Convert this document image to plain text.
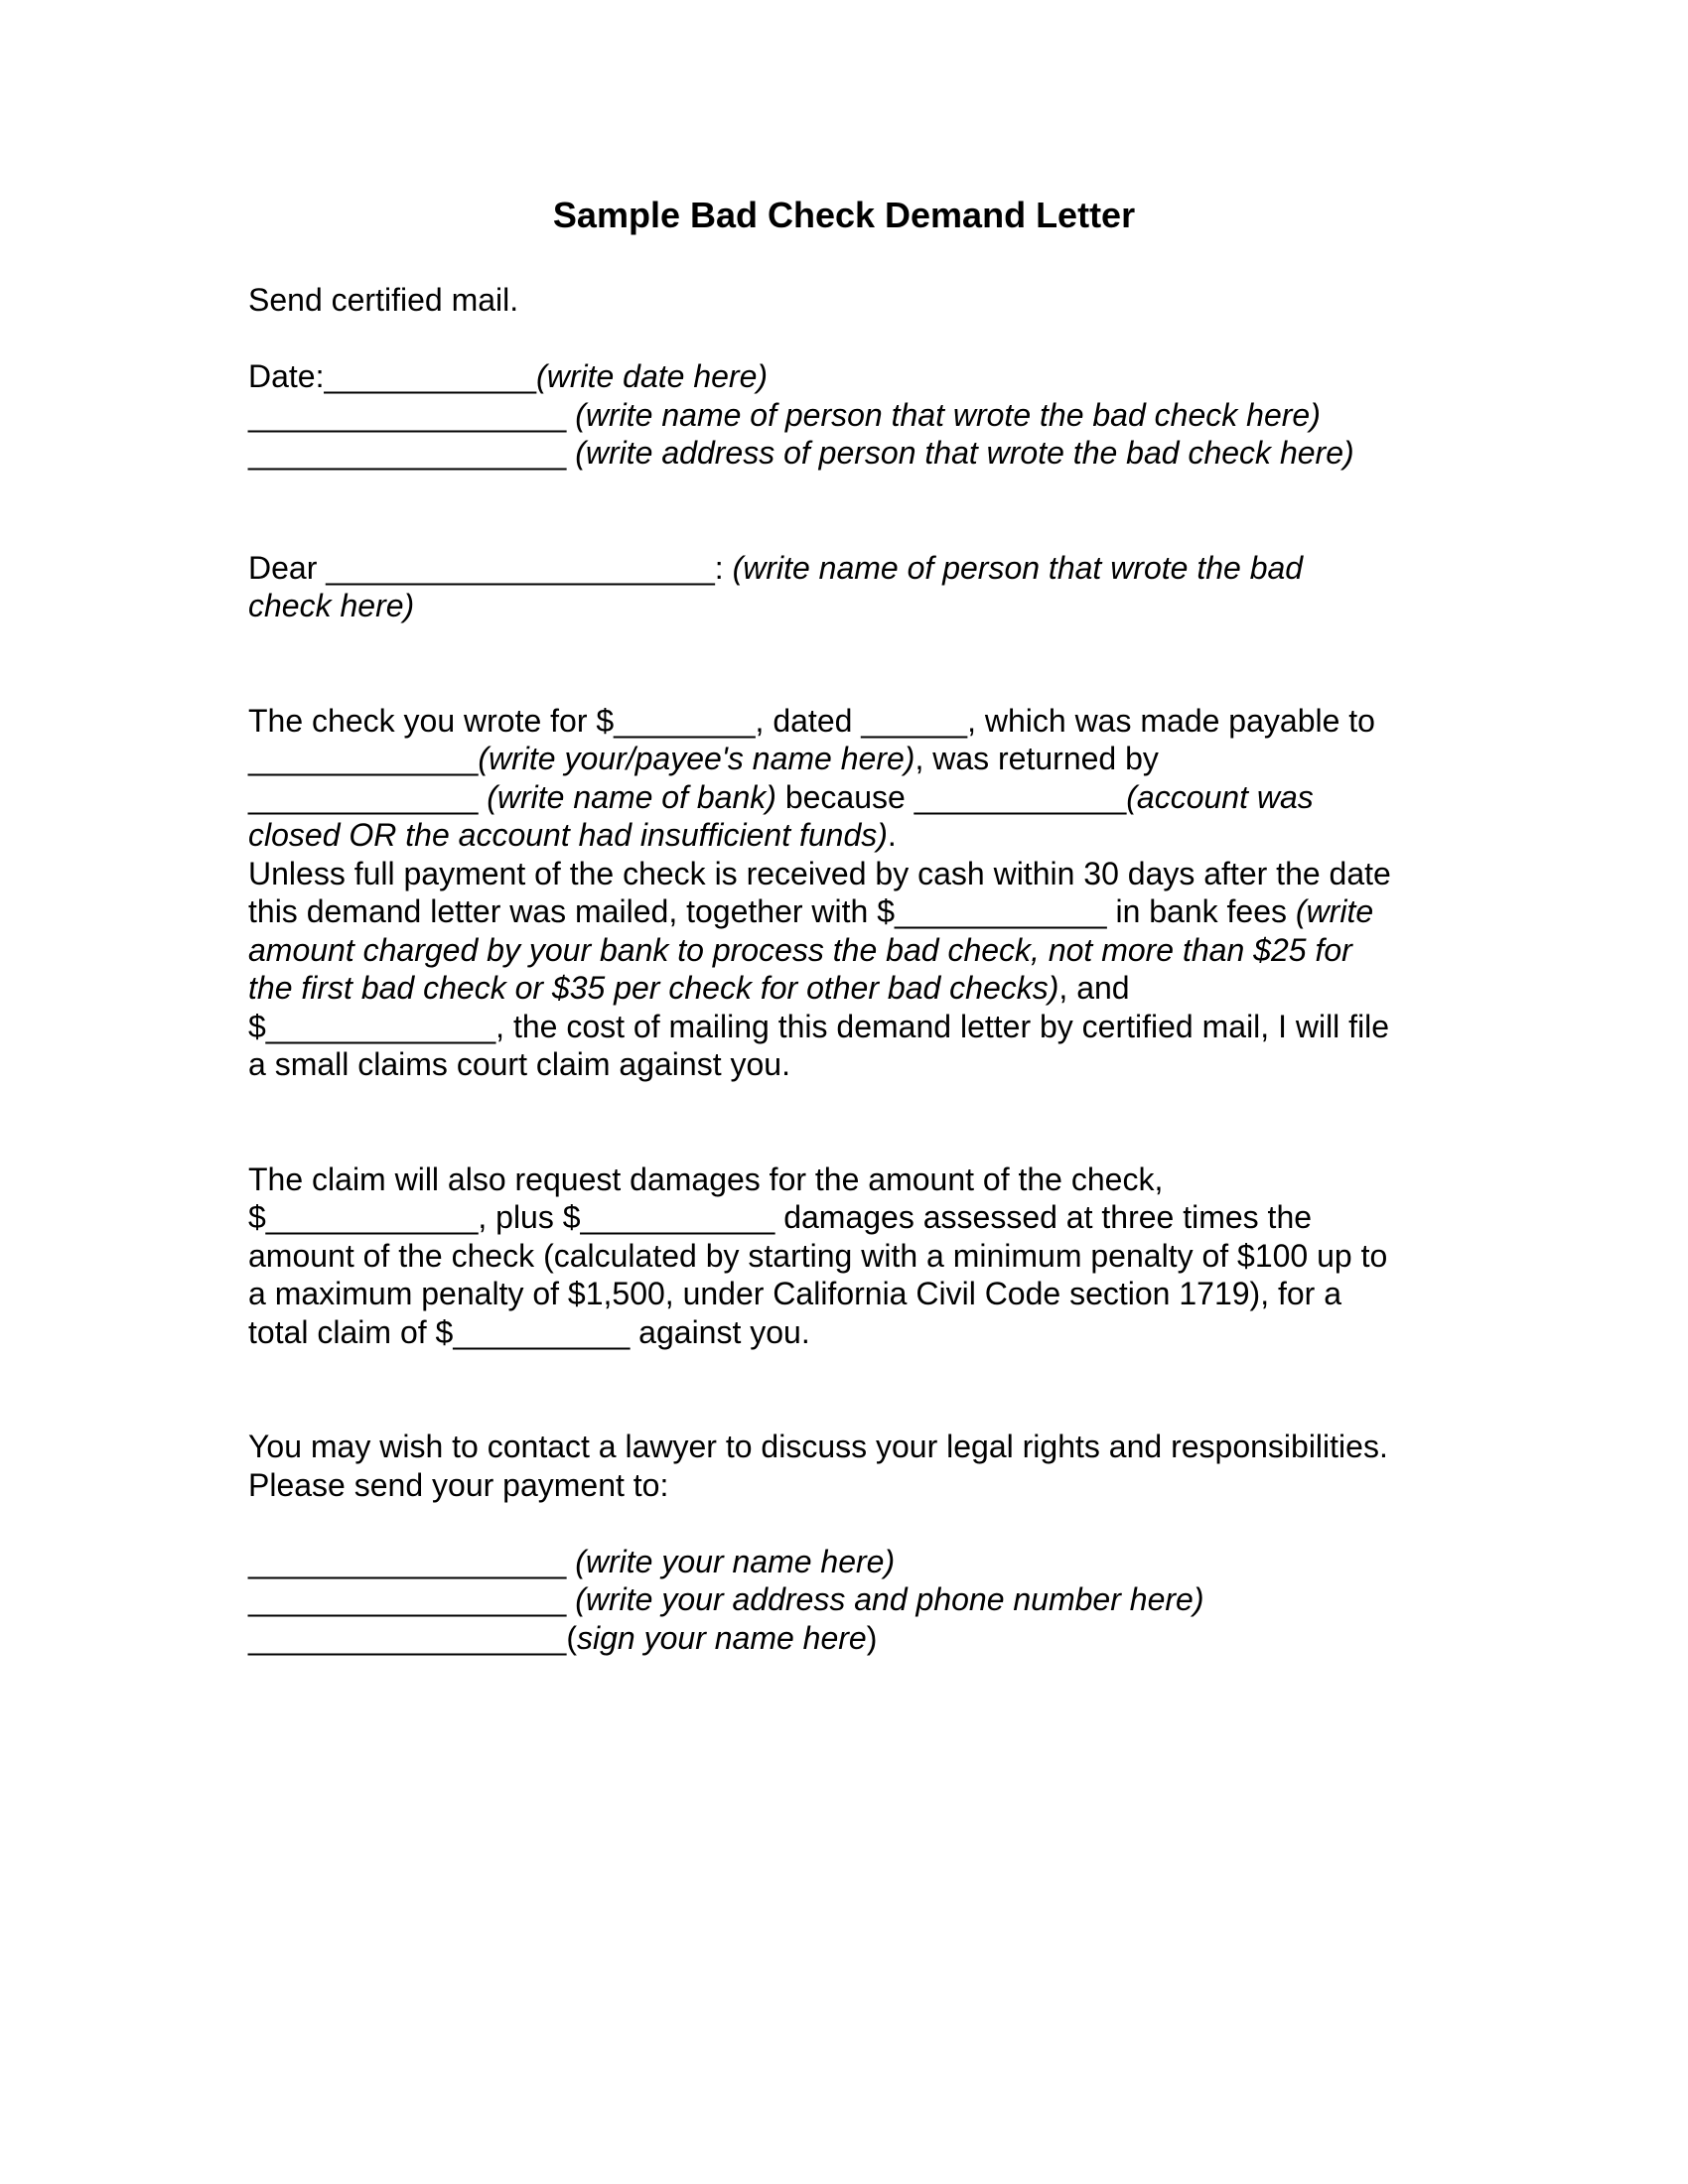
Sample Bad Check Demand Letter
Send certified mail.
Date:____________(write date here)
__________________ (write name of person that wrote the bad check here)
__________________ (write address of person that wrote the bad check here)
Dear ______________________: (write name of person that wrote the bad
check here)
The check you wrote for $________, dated ______, which was made payable to
_____________(write your/payee's name here), was returned by
_____________ (write name of bank) because ____________(account was
closed OR the account had insufficient funds).
Unless full payment of the check is received by cash within 30 days after the date
this demand letter was mailed, together with $____________ in bank fees (write
amount charged by your bank to process the bad check, not more than $25 for
the first bad check or $35 per check for other bad checks), and
$_____________, the cost of mailing this demand letter by certified mail, I will file
a small claims court claim against you.
The claim will also request damages for the amount of the check,
$____________, plus $___________ damages assessed at three times the
amount of the check (calculated by starting with a minimum penalty of $100 up to
a maximum penalty of $1,500, under California Civil Code section 1719), for a
total claim of $__________ against you.
You may wish to contact a lawyer to discuss your legal rights and responsibilities.
Please send your payment to:
__________________ (write your name here)
__________________ (write your address and phone number here)
__________________(sign your name here)
